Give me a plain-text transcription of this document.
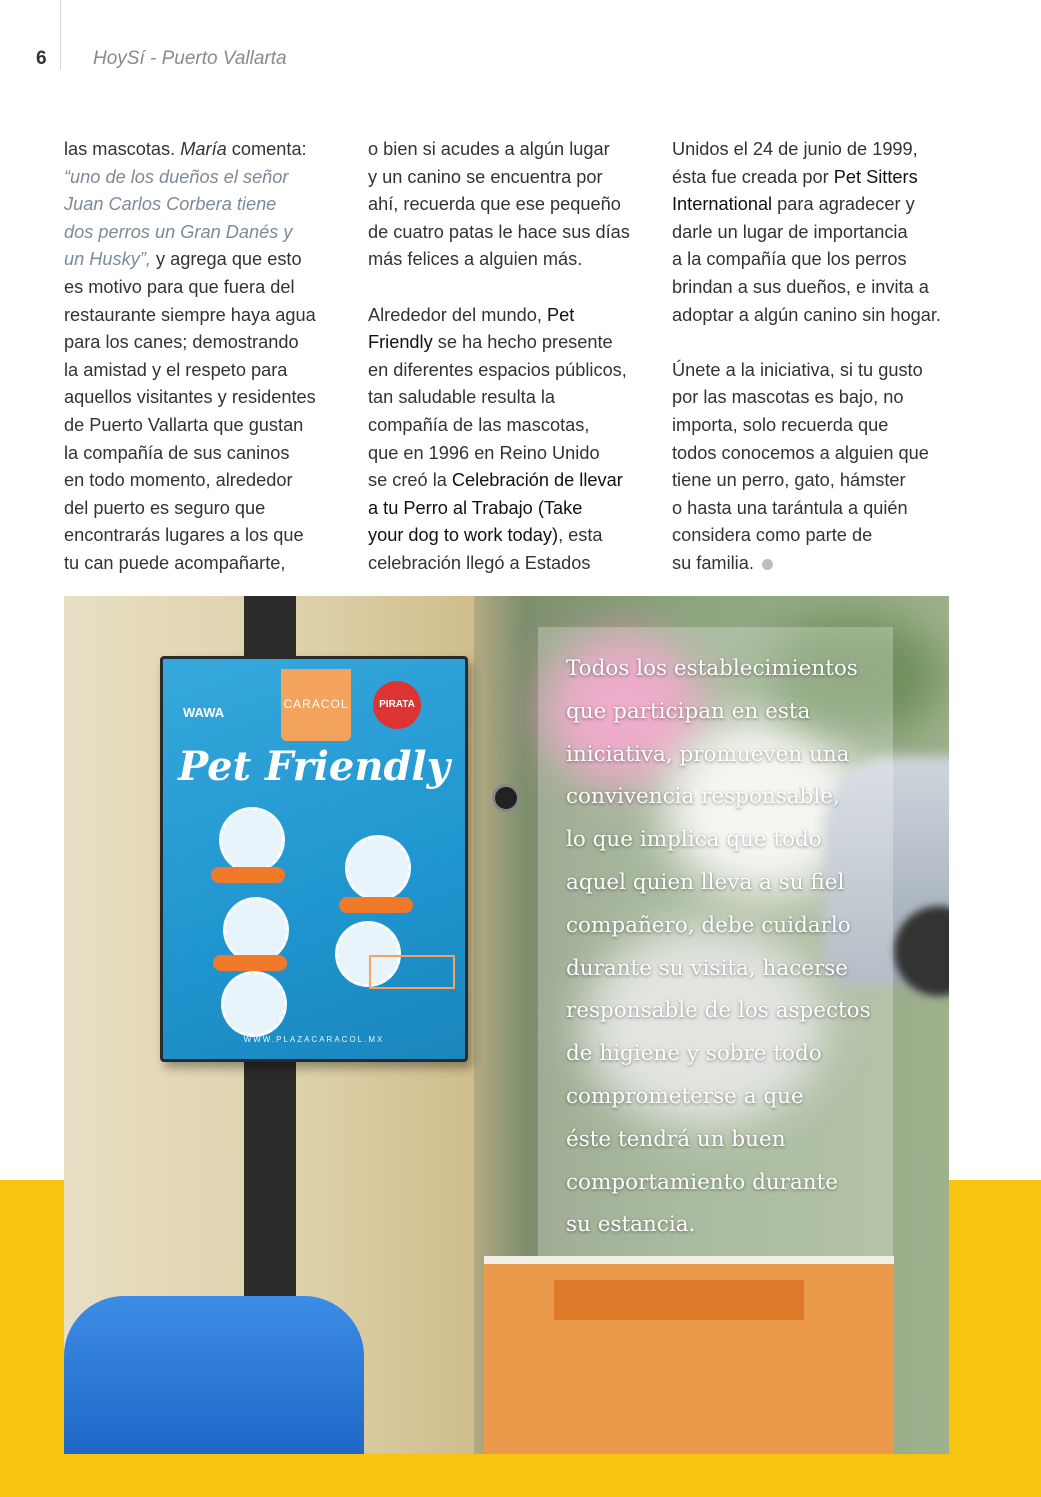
6 HoySí - Puerto Vallarta

las mascotas. María comenta:
“uno de los dueños el señor
Juan Carlos Corbera tiene
dos perros un Gran Danés y
un Husky”, y agrega que esto
es motivo para que fuera del
restaurante siempre haya agua
para los canes; demostrando
la amistad y el respeto para
aquellos visitantes y residentes
de Puerto Vallarta que gustan
la compañía de sus caninos
en todo momento, alrededor
del puerto es seguro que
encontrarás lugares a los que
tu can puede acompañarte,

o bien si acudes a algún lugar
y un canino se encuentra por
ahí, recuerda que ese pequeño
de cuatro patas le hace sus días
más felices a alguien más.

Alrededor del mundo, Pet
Friendly se ha hecho presente
en diferentes espacios públicos,
tan saludable resulta la
compañía de las mascotas,
que en 1996 en Reino Unido
se creó la Celebración de llevar
a tu Perro al Trabajo (Take
your dog to work today), esta
celebración llegó a Estados

Unidos el 24 de junio de 1999,
ésta fue creada por Pet Sitters
International para agradecer y
darle un lugar de importancia
a la compañía que los perros
brindan a sus dueños, e invita a
adoptar a algún canino sin hogar.

Únete a la iniciativa, si tu gusto
por las mascotas es bajo, no
importa, solo recuerda que
todos conocemos a alguien que
tiene un perro, gato, hámster
o hasta una tarántula a quién
considera como parte de
su familia.

CARACOL
WAWA
PIRATA
Pet Friendly
WWW.PLAZACARACOL.MX
Todos los establecimientos
que participan en esta
iniciativa, promueven una
convivencia responsable,
lo que implica que todo
aquel quien lleva a su fiel
compañero, debe cuidarlo
durante su visita, hacerse
responsable de los aspectos
de higiene y sobre todo
comprometerse a que
éste tendrá un buen
comportamiento durante
su estancia.
